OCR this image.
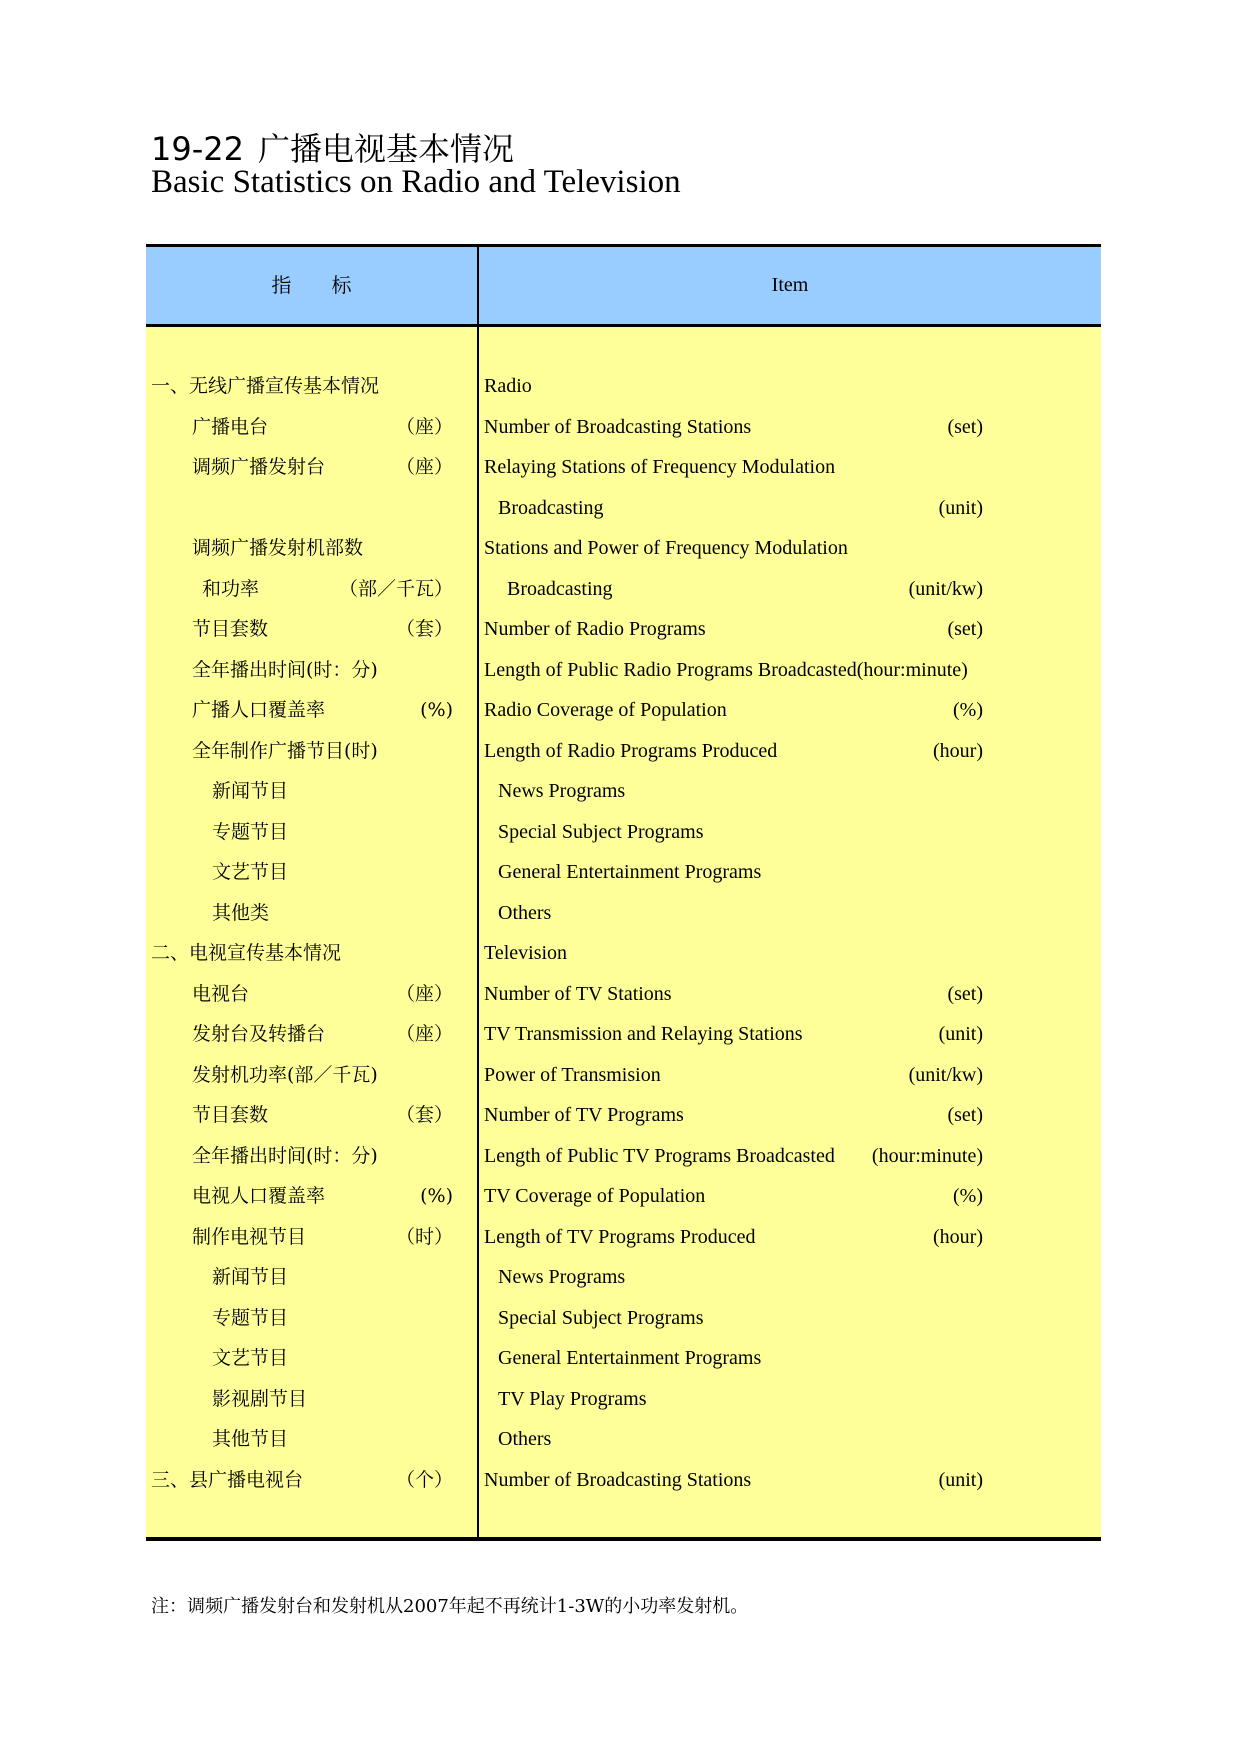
19-22 广播电视基本情况
Basic Statistics on Radio and Television
指　　标	Item
一、无线广播宣传基本情况	Radio
广播电台	（座） Number of Broadcasting Stations	(set)
调频广播发射台	（座） Relaying Stations of Frequency Modulation
Broadcasting	(unit)
调频广播发射机部数	Stations and Power of Frequency Modulation
和功率	（部／千瓦）	Broadcasting	(unit/kw)
节目套数	（套） Number of Radio Programs	(set)
全年播出时间(时：分)	Length of Public Radio Programs Broadcasted(hour:minute)
广播人口覆盖率	(%) Radio Coverage of Population	(%)
全年制作广播节目(时)	Length of Radio Programs Produced	(hour)
新闻节目	News Programs
专题节目	Special Subject Programs
文艺节目	General Entertainment Programs
其他类	Others
二、电视宣传基本情况	Television
电视台	（座） Number of TV Stations	(set)
发射台及转播台	（座） TV Transmission and Relaying Stations	(unit)
发射机功率(部／千瓦)	Power of Transmision	(unit/kw)
节目套数	（套） Number of TV Programs	(set)
全年播出时间(时：分)	Length of Public TV Programs Broadcasted (hour:minute)
电视人口覆盖率	(%) TV Coverage of Population	(%)
制作电视节目	（时） Length of TV Programs Produced	(hour)
新闻节目	News Programs
专题节目	Special Subject Programs
文艺节目	General Entertainment Programs
影视剧节目	TV Play Programs
其他节目	Others
三、县广播电视台	（个） Number of Broadcasting Stations	(unit)
注：调频广播发射台和发射机从2007年起不再统计1-3W的小功率发射机。
